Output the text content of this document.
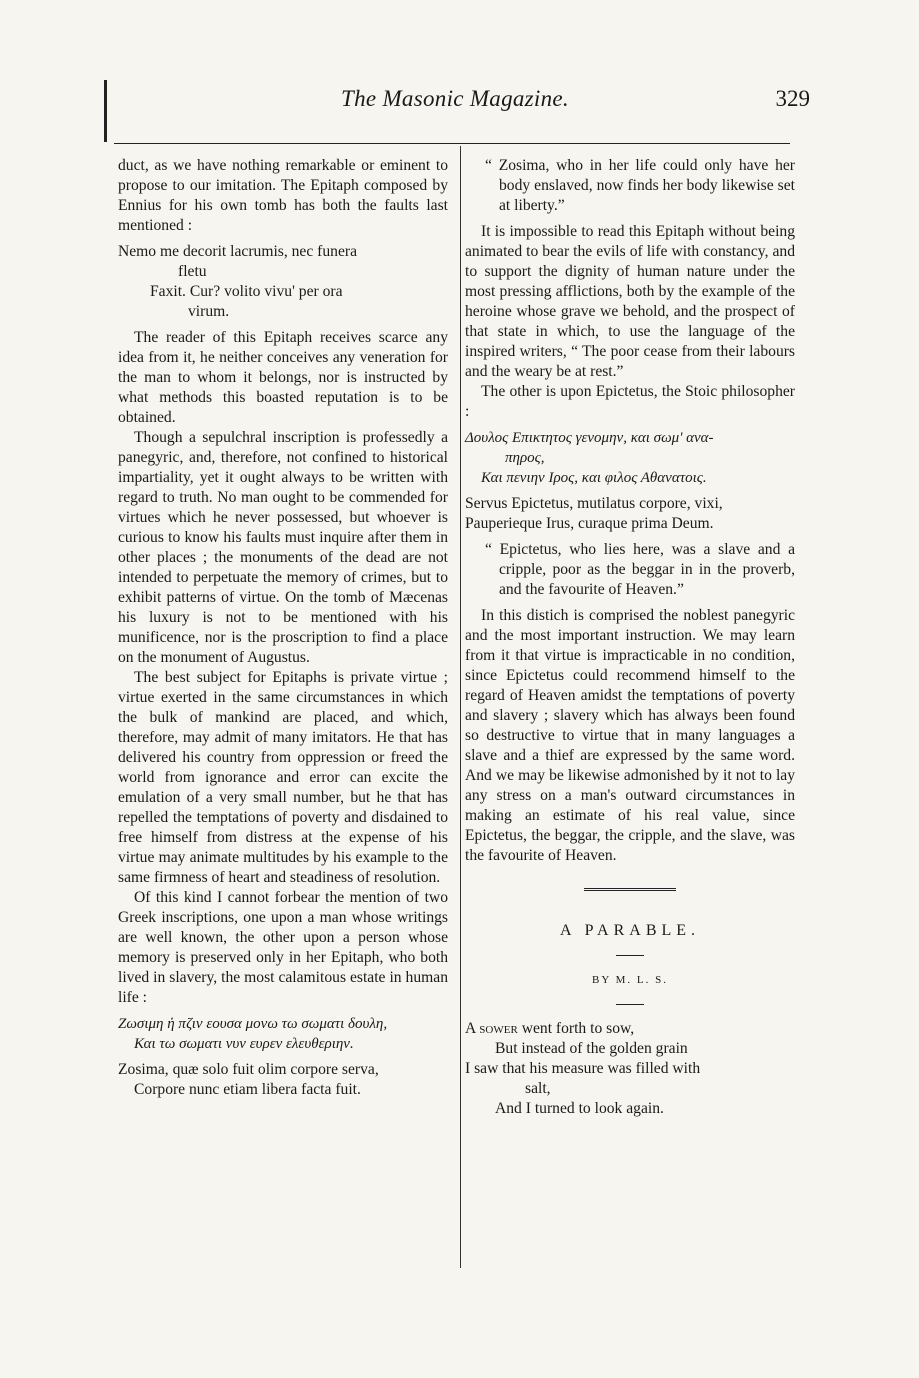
The Masonic Magazine.	329

duct, as we have nothing remarkable or eminent to propose to our imitation. The Epitaph composed by Ennius for his own tomb has both the faults last mentioned :

Nemo me decorit lacrumis, nec funera
fletu
Faxit. Cur? volito vivu' per ora
virum.

The reader of this Epitaph receives scarce any idea from it, he neither conceives any veneration for the man to whom it belongs, nor is instructed by what methods this boasted reputation is to be obtained.

Though a sepulchral inscription is professedly a panegyric, and, therefore, not confined to historical impartiality, yet it ought always to be written with regard to truth. No man ought to be commended for virtues which he never possessed, but whoever is curious to know his faults must inquire after them in other places ; the monuments of the dead are not intended to perpetuate the memory of crimes, but to exhibit patterns of virtue. On the tomb of Mæcenas his luxury is not to be mentioned with his munificence, nor is the proscription to find a place on the monument of Augustus.

The best subject for Epitaphs is private virtue ; virtue exerted in the same circumstances in which the bulk of mankind are placed, and which, therefore, may admit of many imitators. He that has delivered his country from oppression or freed the world from ignorance and error can excite the emulation of a very small number, but he that has repelled the temptations of poverty and disdained to free himself from distress at the expense of his virtue may animate multitudes by his example to the same firmness of heart and steadiness of resolution.

Of this kind I cannot forbear the mention of two Greek inscriptions, one upon a man whose writings are well known, the other upon a person whose memory is preserved only in her Epitaph, who both lived in slavery, the most calamitous estate in human life :

Ζωσιμη ἡ πζιν εουσα μονω τω σωματι δουλη,
Και τω σωματι νυν ευρεν ελευθεριην.
Zosima, quæ solo fuit olim corpore serva,
Corpore nunc etiam libera facta fuit.

“ Zosima, who in her life could only have her body enslaved, now finds her body likewise set at liberty.”

It is impossible to read this Epitaph without being animated to bear the evils of life with constancy, and to support the dignity of human nature under the most pressing afflictions, both by the example of the heroine whose grave we behold, and the prospect of that state in which, to use the language of the inspired writers, “ The poor cease from their labours and the weary be at rest.”

The other is upon Epictetus, the Stoic philosopher :

Δουλος Επικτητος γενομην, και σωμ' ανα-
πηρος,
Και πενιην Ιρος, και φιλος Αθανατοις.
Servus Epictetus, mutilatus corpore, vixi,
Pauperieque Irus, curaque prima Deum.

“ Epictetus, who lies here, was a slave and a cripple, poor as the beggar in in the proverb, and the favourite of Heaven.”

In this distich is comprised the noblest panegyric and the most important instruction. We may learn from it that virtue is impracticable in no condition, since Epictetus could recommend himself to the regard of Heaven amidst the temptations of poverty and slavery ; slavery which has always been found so destructive to virtue that in many languages a slave and a thief are expressed by the same word. And we may be likewise admonished by it not to lay any stress on a man's outward circumstances in making an estimate of his real value, since Epictetus, the beggar, the cripple, and the slave, was the favourite of Heaven.

A PARABLE.
BY M. L. S.
A sower went forth to sow,
But instead of the golden grain
I saw that his measure was filled with
salt,
And I turned to look again.
